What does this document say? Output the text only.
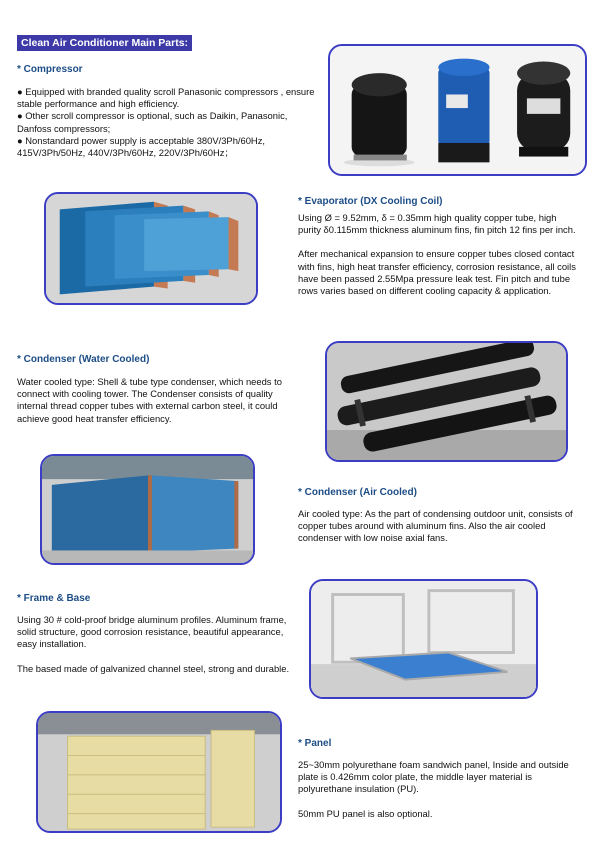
Clean Air Conditioner Main Parts:
* Compressor
● Equipped with branded quality scroll Panasonic compressors , ensure stable performance and high efficiency.
● Other scroll compressor is optional, such as Daikin, Panasonic, Danfoss compressors;
● Nonstandard power supply is acceptable 380V/3Ph/60Hz, 415V/3Ph/50Hz, 440V/3Ph/60Hz, 220V/3Ph/60Hz；
* Evaporator (DX Cooling Coil)

Using Ø = 9.52mm, δ = 0.35mm high quality copper tube, high purity δ0.115mm thickness aluminum fins, fin pitch 12 fins per inch.

After mechanical expansion to ensure copper tubes closed contact with fins, high heat transfer efficiency, corrosion resistance, all coils have been passed 2.55Mpa pressure leak test. Fin pitch and tube rows varies based on different cooling capacity & application.

* Condenser (Water Cooled)

Water cooled type: Shell & tube type condenser, which needs to connect with cooling tower. The Condenser consists of quality internal thread copper tubes with external carbon steel, it could achieve good heat transfer efficiency.

* Condenser (Air Cooled)

Air cooled type: As the part of condensing outdoor unit, consists of copper tubes around with aluminum fins. Also the air cooled condenser with low noise axial fans.

* Frame & Base

Using 30 # cold-proof bridge aluminum profiles. Aluminum frame, solid structure, good corrosion resistance, beautiful appearance, easy installation.

The based made of galvanized channel steel, strong and durable.

* Panel

25~30mm polyurethane foam sandwich panel, Inside and outside plate is 0.426mm color plate, the middle layer material is polyurethane insulation (PU).

50mm PU panel is also optional.
